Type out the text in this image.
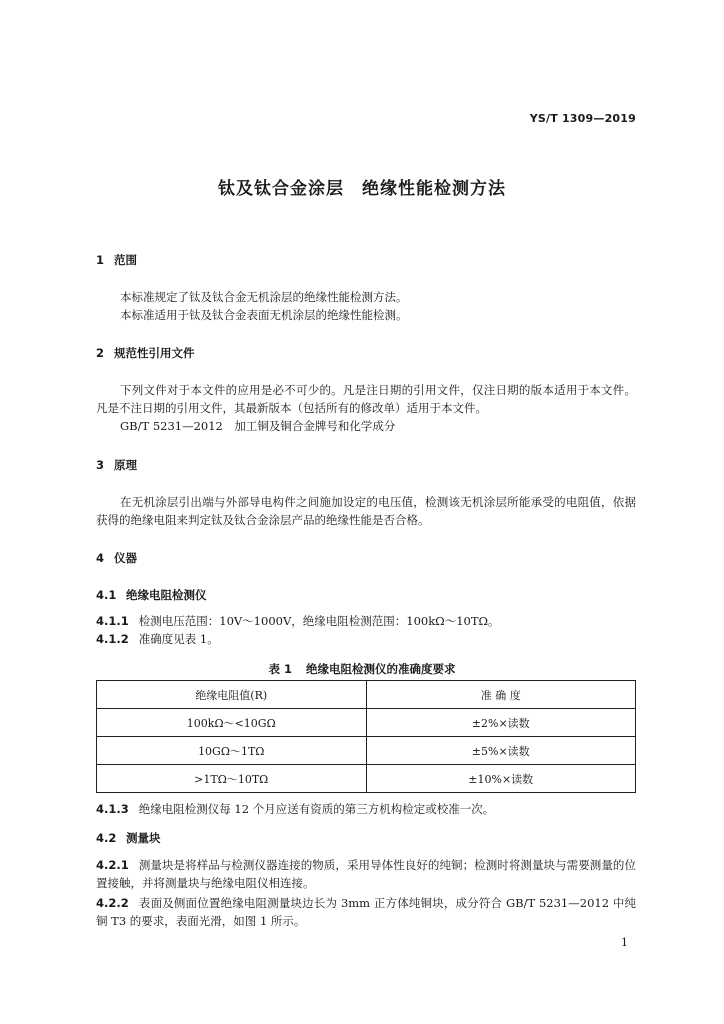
YS/T 1309—2019
钛及钛合金涂层 绝缘性能检测方法
1 范围
本标准规定了钛及钛合金无机涂层的绝缘性能检测方法。
本标准适用于钛及钛合金表面无机涂层的绝缘性能检测。
2 规范性引用文件
下列文件对于本文件的应用是必不可少的。凡是注日期的引用文件，仅注日期的版本适用于本文件。凡是不注日期的引用文件，其最新版本（包括所有的修改单）适用于本文件。
GB/T 5231—2012　加工铜及铜合金牌号和化学成分
3 原理
在无机涂层引出端与外部导电构件之间施加设定的电压值，检测该无机涂层所能承受的电阻值，依据获得的绝缘电阻来判定钛及钛合金涂层产品的绝缘性能是否合格。
4 仪器
4.1 绝缘电阻检测仪
4.1.1 检测电压范围：10V～1000V，绝缘电阻检测范围：100kΩ～10TΩ。
4.1.2 准确度见表 1。
表 1 绝缘电阻检测仪的准确度要求
绝缘电阻值(R)	准 确 度
100kΩ～<10GΩ	±2%×读数
10GΩ～1TΩ	±5%×读数
>1TΩ～10TΩ	±10%×读数
4.1.3 绝缘电阻检测仪每 12 个月应送有资质的第三方机构检定或校准一次。
4.2 测量块
4.2.1 测量块是将样品与检测仪器连接的物质，采用导体性良好的纯铜；检测时将测量块与需要测量的位置接触，并将测量块与绝缘电阻仪相连接。
4.2.2 表面及侧面位置绝缘电阻测量块边长为 3mm 正方体纯铜块，成分符合 GB/T 5231—2012 中纯铜 T3 的要求，表面光滑，如图 1 所示。
1
